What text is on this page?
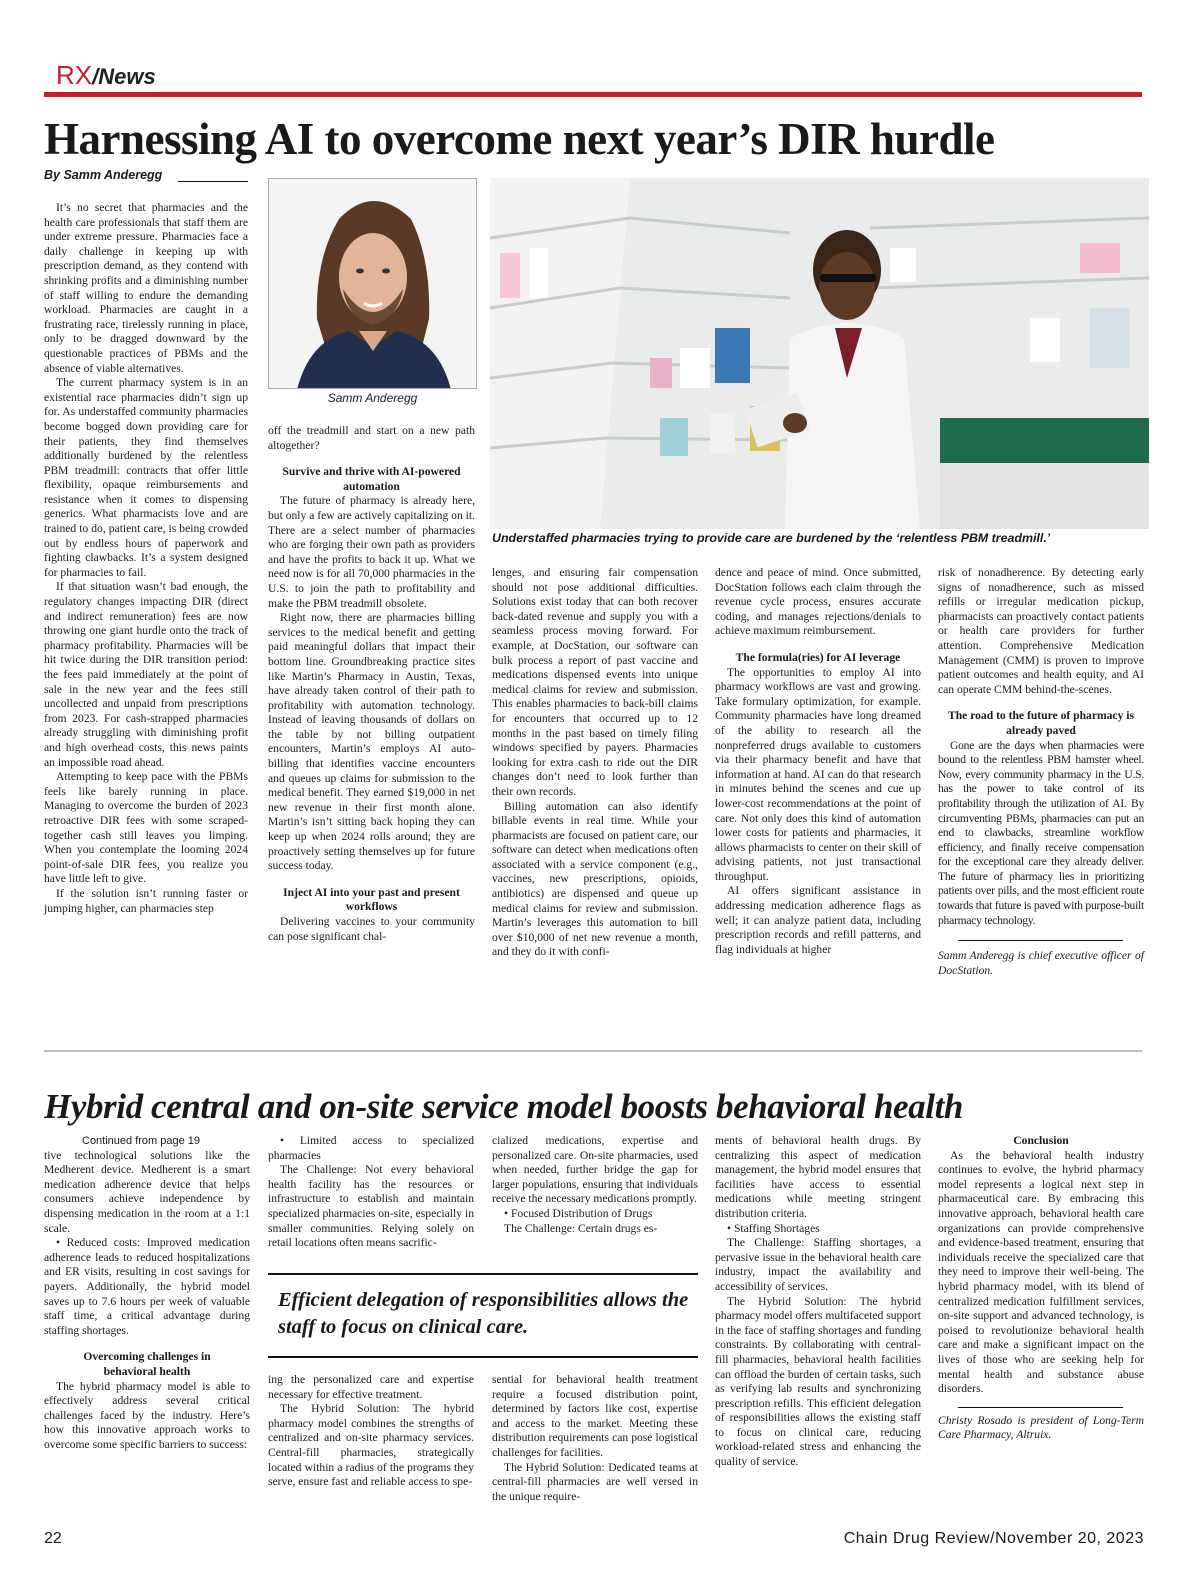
RX/News
Harnessing AI to overcome next year’s DIR hurdle
By Samm Anderegg
Samm Anderegg
Understaffed pharmacies trying to provide care are burdened by the ‘relentless PBM treadmill.’

It’s no secret that pharmacies and the health care professionals that staff them are under extreme pressure. Pharmacies face a daily challenge in keeping up with prescription demand, as they contend with shrinking profits and a diminishing number of staff willing to endure the demanding workload. Pharmacies are caught in a frustrating race, tirelessly running in place, only to be dragged downward by the questionable practices of PBMs and the absence of viable alternatives.

The current pharmacy system is in an existential race pharmacies didn’t sign up for. As understaffed community pharmacies become bogged down providing care for their patients, they find themselves additionally burdened by the relentless PBM treadmill: contracts that offer little flexibility, opaque reimbursements and resistance when it comes to dispensing generics. What pharmacists love and are trained to do, patient care, is being crowded out by endless hours of paperwork and fighting clawbacks. It’s a system designed for pharmacies to fail.

If that situation wasn’t bad enough, the regulatory changes impacting DIR (direct and indirect remuneration) fees are now throwing one giant hurdle onto the track of pharmacy profitability. Pharmacies will be hit twice during the DIR transition period: the fees paid immediately at the point of sale in the new year and the fees still uncollected and unpaid from prescriptions from 2023. For cash-strapped pharmacies already struggling with diminishing profit and high overhead costs, this news paints an impossible road ahead.

Attempting to keep pace with the PBMs feels like barely running in place. Managing to overcome the burden of 2023 retroactive DIR fees with some scraped-together cash still leaves you limping. When you contemplate the looming 2024 point-of-sale DIR fees, you realize you have little left to give.

If the solution isn’t running faster or jumping higher, can pharmacies step

off the treadmill and start on a new path altogether?

Survive and thrive with AI-powered automation

The future of pharmacy is already here, but only a few are actively capitalizing on it. There are a select number of pharmacies who are forging their own path as providers and have the profits to back it up. What we need now is for all 70,000 pharmacies in the U.S. to join the path to profitability and make the PBM treadmill obsolete.

Right now, there are pharmacies billing services to the medical benefit and getting paid meaningful dollars that impact their bottom line. Groundbreaking practice sites like Martin’s Pharmacy in Austin, Texas, have already taken control of their path to profitability with automation technology. Instead of leaving thousands of dollars on the table by not billing outpatient encounters, Martin’s employs AI auto-billing that identifies vaccine encounters and queues up claims for submission to the medical benefit. They earned $19,000 in net new revenue in their first month alone. Martin’s isn’t sitting back hoping they can keep up when 2024 rolls around; they are proactively setting themselves up for future success today.

Inject AI into your past and present workflows

Delivering vaccines to your community can pose significant chal-

lenges, and ensuring fair compensation should not pose additional difficulties. Solutions exist today that can both recover back-dated revenue and supply you with a seamless process moving forward. For example, at DocStation, our software can bulk process a report of past vaccine and medications dispensed events into unique medical claims for review and submission. This enables pharmacies to back-bill claims for encounters that occurred up to 12 months in the past based on timely filing windows specified by payers. Pharmacies looking for extra cash to ride out the DIR changes don’t need to look further than their own records.

Billing automation can also identify billable events in real time. While your pharmacists are focused on patient care, our software can detect when medications often associated with a service component (e.g., vaccines, new prescriptions, opioids, antibiotics) are dispensed and queue up medical claims for review and submission. Martin’s leverages this automation to bill over $10,000 of net new revenue a month, and they do it with confi-

dence and peace of mind. Once submitted, DocStation follows each claim through the revenue cycle process, ensures accurate coding, and manages rejections/denials to achieve maximum reimbursement.

The formula(ries) for AI leverage

The opportunities to employ AI into pharmacy workflows are vast and growing. Take formulary optimization, for example. Community pharmacies have long dreamed of the ability to research all the nonpreferred drugs available to customers via their pharmacy benefit and have that information at hand. AI can do that research in minutes behind the scenes and cue up lower-cost recommendations at the point of care. Not only does this kind of automation lower costs for patients and pharmacies, it allows pharmacists to center on their skill of advising patients, not just transactional throughput.

AI offers significant assistance in addressing medication adherence flags as well; it can analyze patient data, including prescription records and refill patterns, and flag individuals at higher

risk of nonadherence. By detecting early signs of nonadherence, such as missed refills or irregular medication pickup, pharmacists can proactively contact patients or health care providers for further attention. Comprehensive Medication Management (CMM) is proven to improve patient outcomes and health equity, and AI can operate CMM behind-the-scenes.

The road to the future of pharmacy is already paved

Gone are the days when pharmacies were bound to the relentless PBM hamster wheel. Now, every community pharmacy in the U.S. has the power to take control of its profitability through the utilization of AI. By circumventing PBMs, pharmacies can put an end to clawbacks, streamline workflow efficiency, and finally receive compensation for the exceptional care they already deliver. The future of pharmacy lies in prioritizing patients over pills, and the most efficient route towards that future is paved with purpose-built pharmacy technology.

Samm Anderegg is chief executive officer of DocStation.

Hybrid central and on-site service model boosts behavioral health

Continued from page 19

tive technological solutions like the Medherent device. Medherent is a smart medication adherence device that helps consumers achieve independence by dispensing medication in the room at a 1:1 scale.

• Reduced costs: Improved medication adherence leads to reduced hospitalizations and ER visits, resulting in cost savings for payers. Additionally, the hybrid model saves up to 7.6 hours per week of valuable staff time, a critical advantage during staffing shortages.

Overcoming challenges in behavioral health

The hybrid pharmacy model is able to effectively address several critical challenges faced by the industry. Here’s how this innovative approach works to overcome some specific barriers to success:

• Limited access to specialized pharmacies

The Challenge: Not every behavioral health facility has the resources or infrastructure to establish and maintain specialized pharmacies on-site, especially in smaller communities. Relying solely on retail locations often means sacrific-

cialized medications, expertise and personalized care. On-site pharmacies, used when needed, further bridge the gap for larger populations, ensuring that individuals receive the necessary medications promptly.

• Focused Distribution of Drugs

The Challenge: Certain drugs es-

Efficient delegation of responsibilities allows the staff to focus on clinical care.

ing the personalized care and expertise necessary for effective treatment.

The Hybrid Solution: The hybrid pharmacy model combines the strengths of centralized and on-site pharmacy services. Central-fill pharmacies, strategically located within a radius of the programs they serve, ensure fast and reliable access to spe-

sential for behavioral health treatment require a focused distribution point, determined by factors like cost, expertise and access to the market. Meeting these distribution requirements can pose logistical challenges for facilities.

The Hybrid Solution: Dedicated teams at central-fill pharmacies are well versed in the unique require-

ments of behavioral health drugs. By centralizing this aspect of medication management, the hybrid model ensures that facilities have access to essential medications while meeting stringent distribution criteria.

• Staffing Shortages

The Challenge: Staffing shortages, a pervasive issue in the behavioral health care industry, impact the availability and accessibility of services.

The Hybrid Solution: The hybrid pharmacy model offers multifaceted support in the face of staffing shortages and funding constraints. By collaborating with central-fill pharmacies, behavioral health facilities can offload the burden of certain tasks, such as verifying lab results and synchronizing prescription refills. This efficient delegation of responsibilities allows the existing staff to focus on clinical care, reducing workload-related stress and enhancing the quality of service.

Conclusion

As the behavioral health industry continues to evolve, the hybrid pharmacy model represents a logical next step in pharmaceutical care. By embracing this innovative approach, behavioral health care organizations can provide comprehensive and evidence-based treatment, ensuring that individuals receive the specialized care that they need to improve their well-being. The hybrid pharmacy model, with its blend of centralized medication fulfillment services, on-site support and advanced technology, is poised to revolutionize behavioral health care and make a significant impact on the lives of those who are seeking help for mental health and substance abuse disorders.

Christy Rosado is president of Long-Term Care Pharmacy, Altruix.

22	Chain Drug Review/November 20, 2023
